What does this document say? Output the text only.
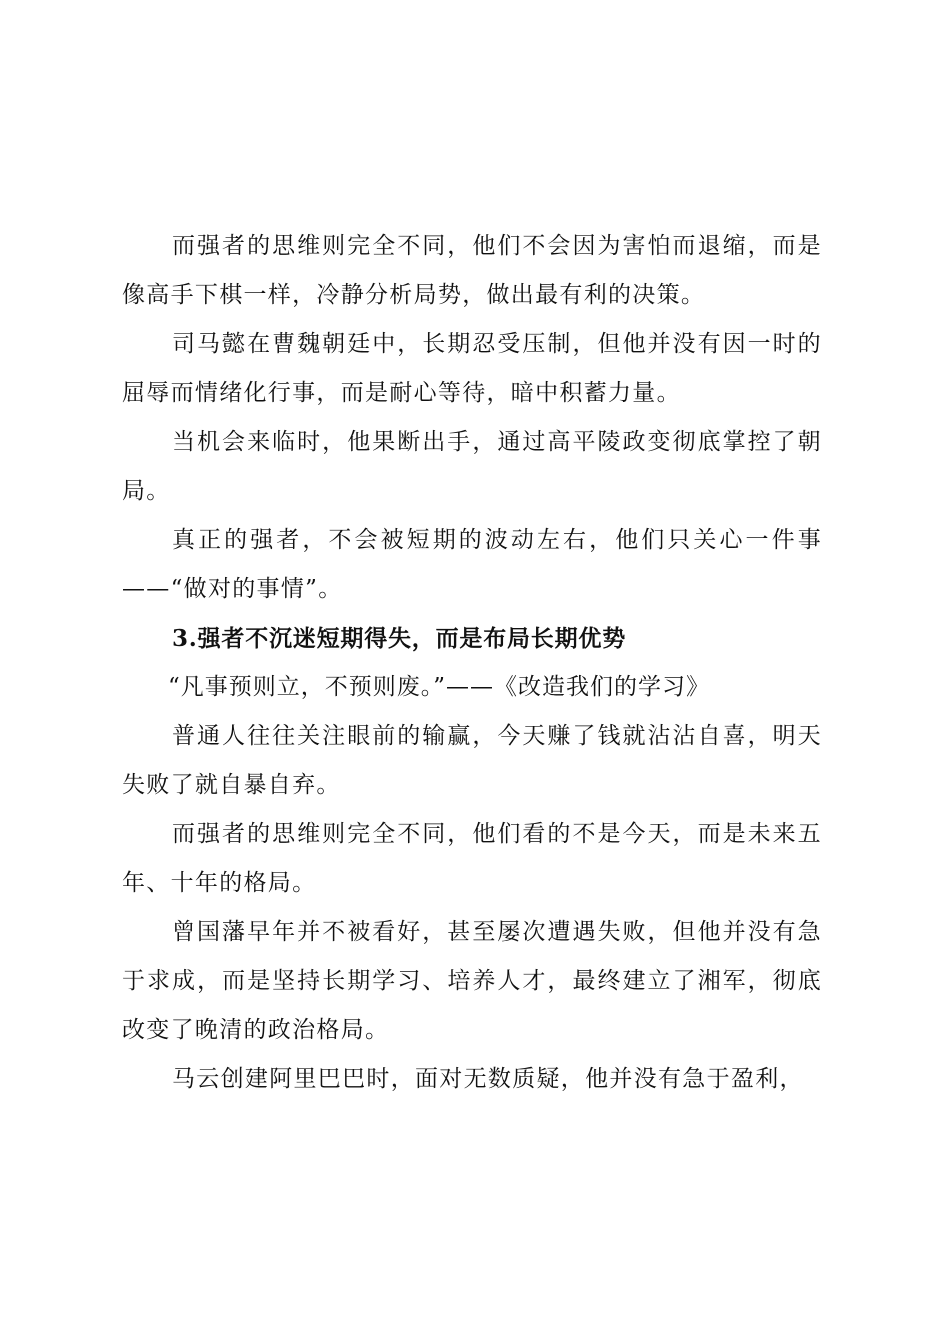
而强者的思维则完全不同，他们不会因为害怕而退缩，而是像高手下棋一样，冷静分析局势，做出最有利的决策。

司马懿在曹魏朝廷中，长期忍受压制，但他并没有因一时的屈辱而情绪化行事，而是耐心等待，暗中积蓄力量。

当机会来临时，他果断出手，通过高平陵政变彻底掌控了朝局。

真正的强者，不会被短期的波动左右，他们只关心一件事——“做对的事情”。

3.强者不沉迷短期得失，而是布局长期优势

“凡事预则立，不预则废。”——《改造我们的学习》

普通人往往关注眼前的输赢，今天赚了钱就沾沾自喜，明天失败了就自暴自弃。

而强者的思维则完全不同，他们看的不是今天，而是未来五年、十年的格局。

曾国藩早年并不被看好，甚至屡次遭遇失败，但他并没有急于求成，而是坚持长期学习、培养人才，最终建立了湘军，彻底改变了晚清的政治格局。

马云创建阿里巴巴时，面对无数质疑，他并没有急于盈利，
